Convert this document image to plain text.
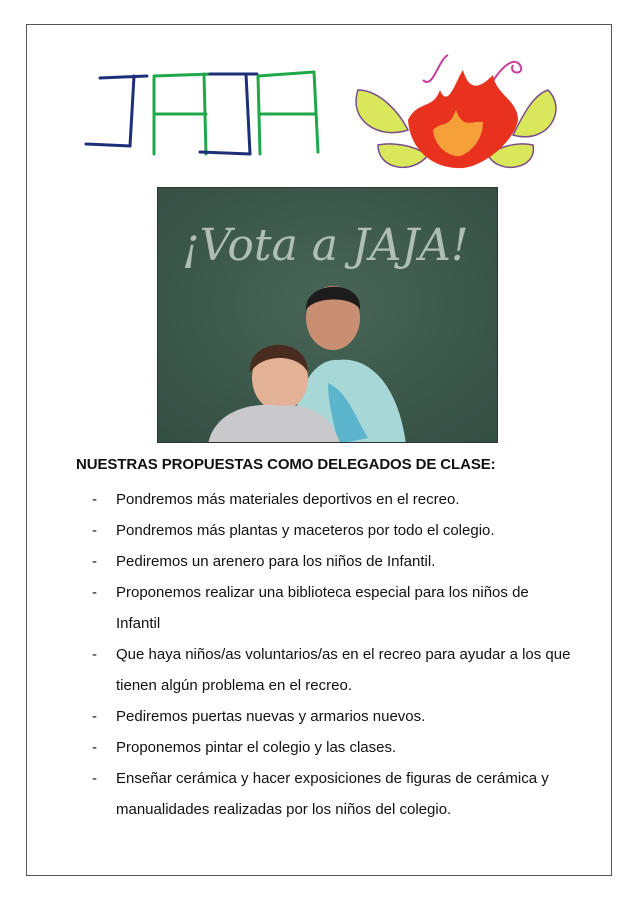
¡Vota a JAJA!
NUESTRAS PROPUESTAS COMO DELEGADOS DE CLASE:
- Pondremos más materiales deportivos en el recreo.
- Pondremos más plantas y maceteros por todo el colegio.
- Pediremos un arenero para los niños de Infantil.
- Proponemos realizar una biblioteca especial para los niños de Infantil
- Que haya niños/as voluntarios/as en el recreo para ayudar a los que tienen algún problema en el recreo.
- Pediremos puertas nuevas y armarios nuevos.
- Proponemos pintar el colegio y las clases.
- Enseñar cerámica y hacer exposiciones de figuras de cerámica y manualidades realizadas por los niños del colegio.
